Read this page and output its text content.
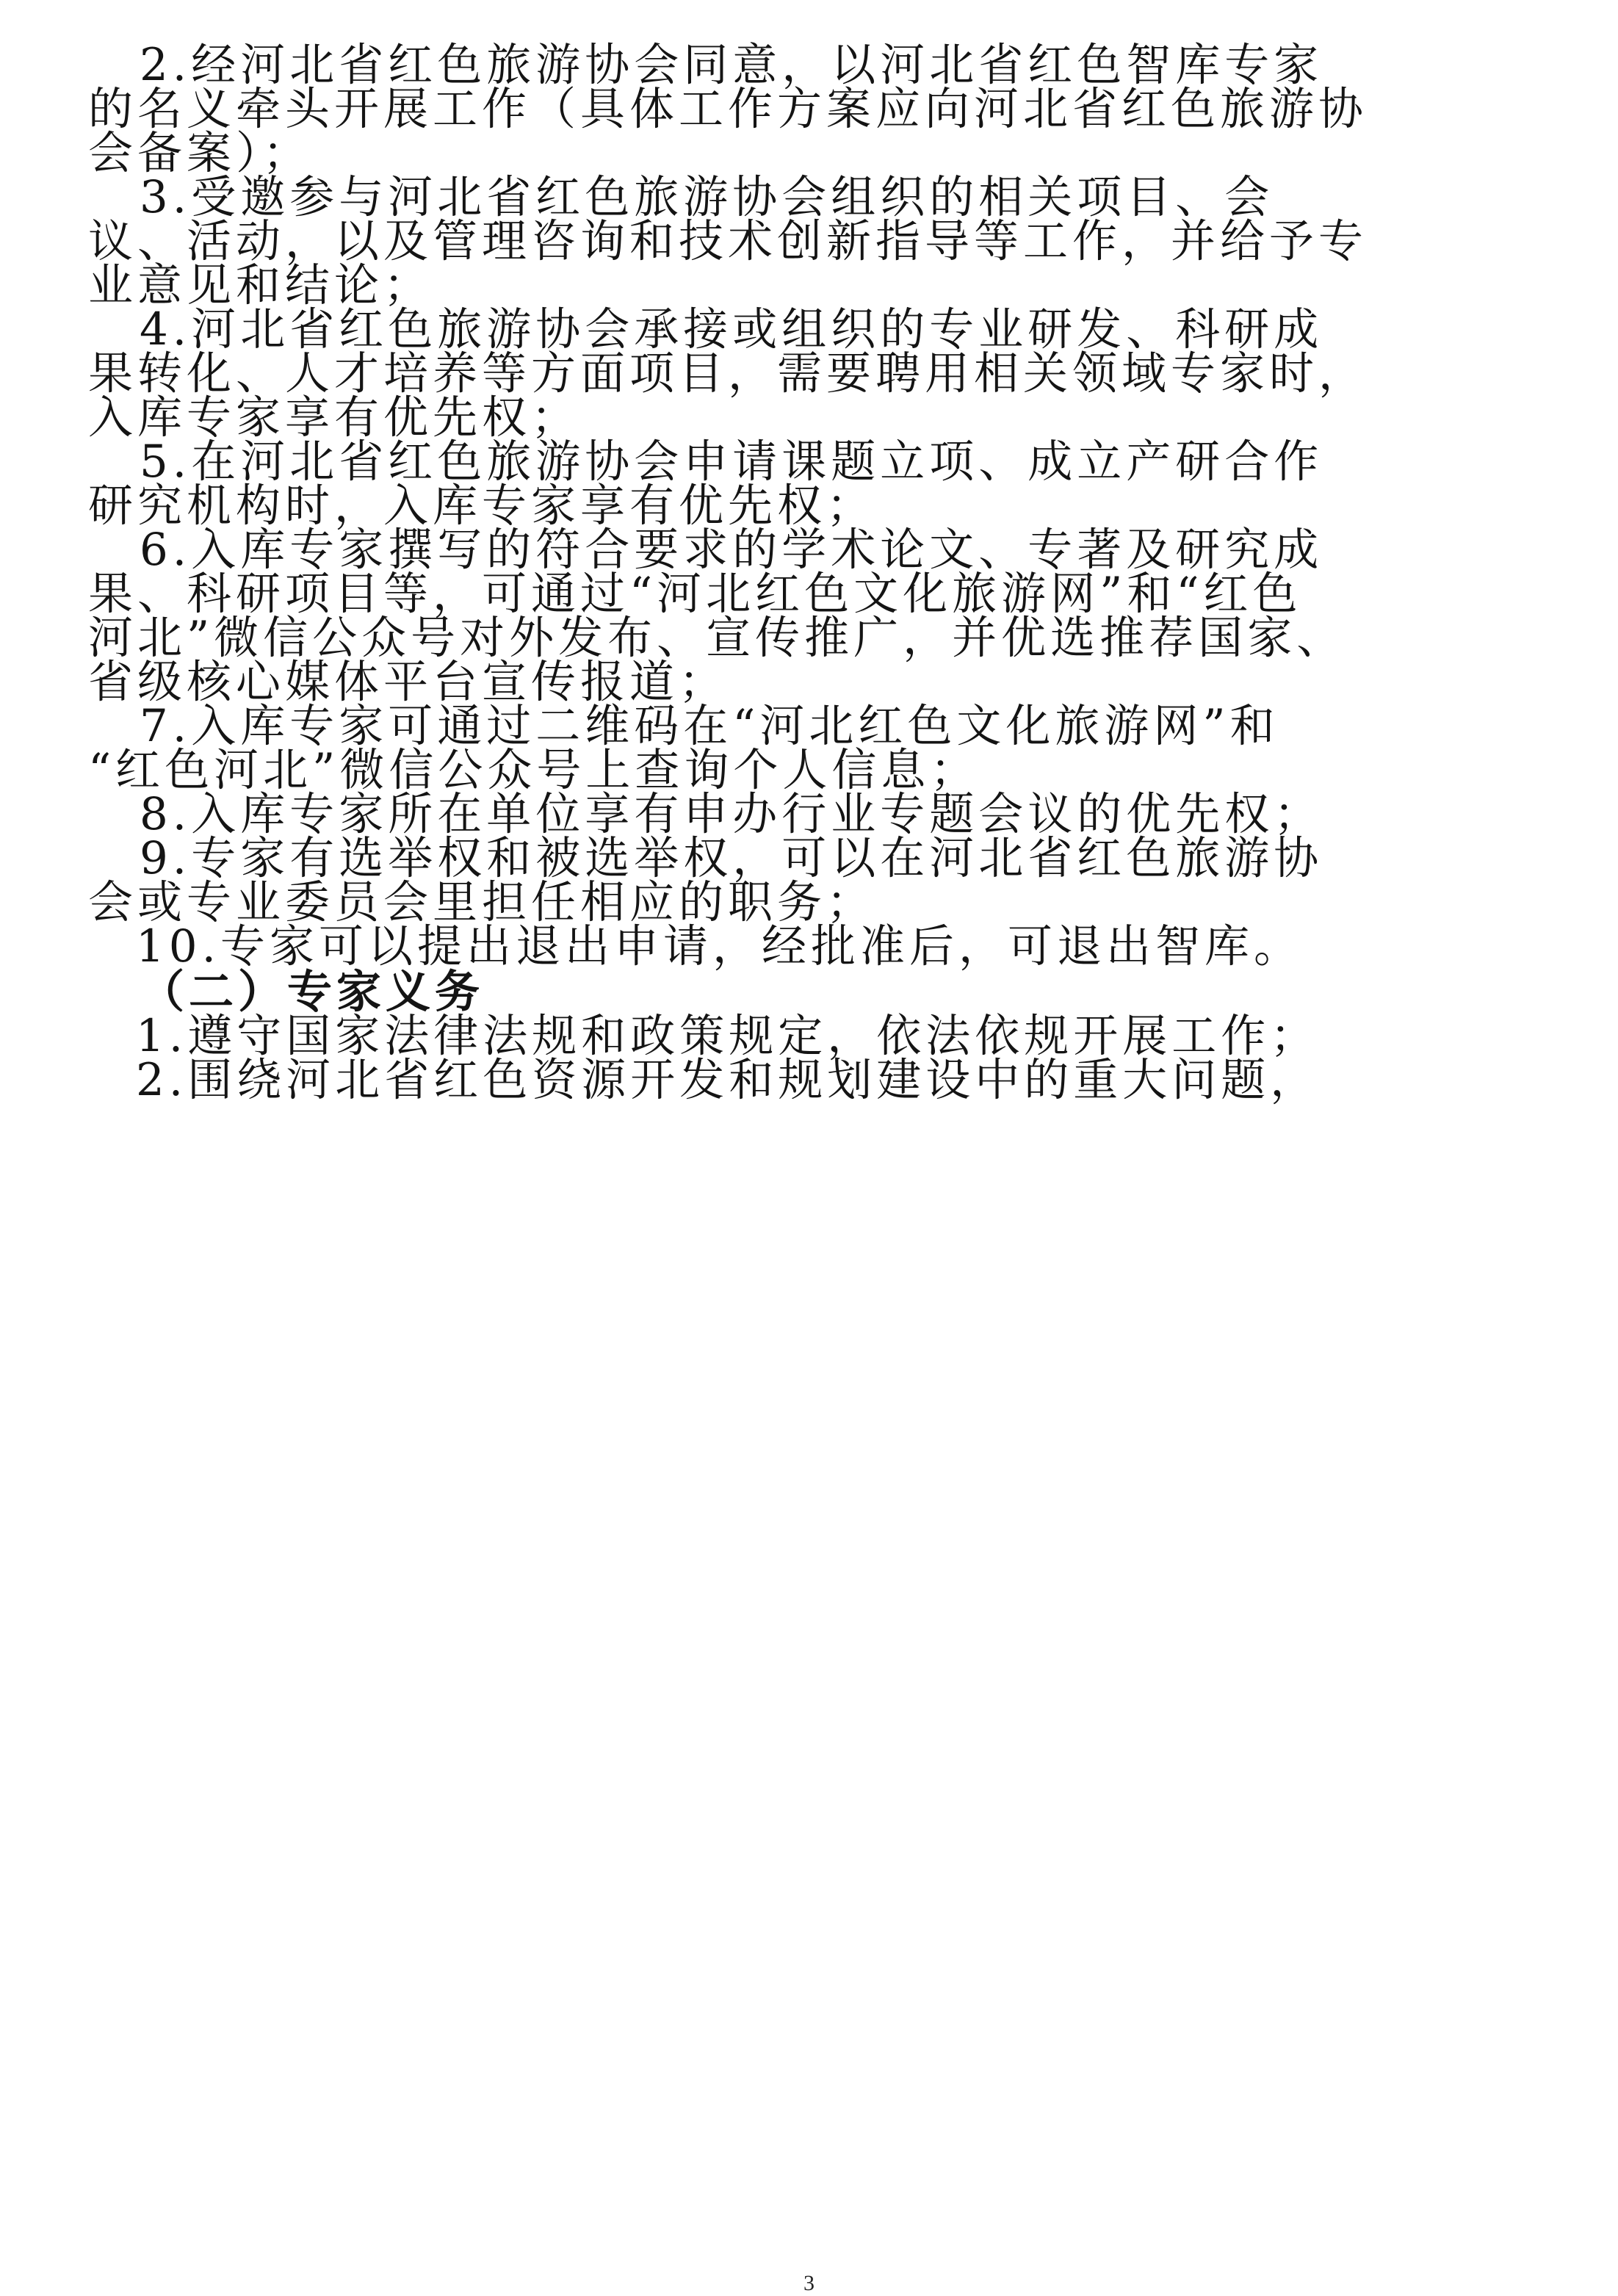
2.经河北省红色旅游协会同意，以河北省红色智库专家
的名义牵头开展工作（具体工作方案应向河北省红色旅游协
会备案）；
3.受邀参与河北省红色旅游协会组织的相关项目、会
议、活动，以及管理咨询和技术创新指导等工作，并给予专
业意见和结论；
4.河北省红色旅游协会承接或组织的专业研发、科研成
果转化、人才培养等方面项目，需要聘用相关领域专家时，
入库专家享有优先权；
5.在河北省红色旅游协会申请课题立项、成立产研合作
研究机构时，入库专家享有优先权；
6.入库专家撰写的符合要求的学术论文、专著及研究成
果、科研项目等，可通过“河北红色文化旅游网”和“红色
河北”微信公众号对外发布、宣传推广，并优选推荐国家、
省级核心媒体平台宣传报道；
7.入库专家可通过二维码在“河北红色文化旅游网”和
“红色河北”微信公众号上查询个人信息；
8.入库专家所在单位享有申办行业专题会议的优先权；
9.专家有选举权和被选举权，可以在河北省红色旅游协
会或专业委员会里担任相应的职务；
10.专家可以提出退出申请，经批准后，可退出智库。
（二）专家义务
1.遵守国家法律法规和政策规定，依法依规开展工作；
2.围绕河北省红色资源开发和规划建设中的重大问题，
3
